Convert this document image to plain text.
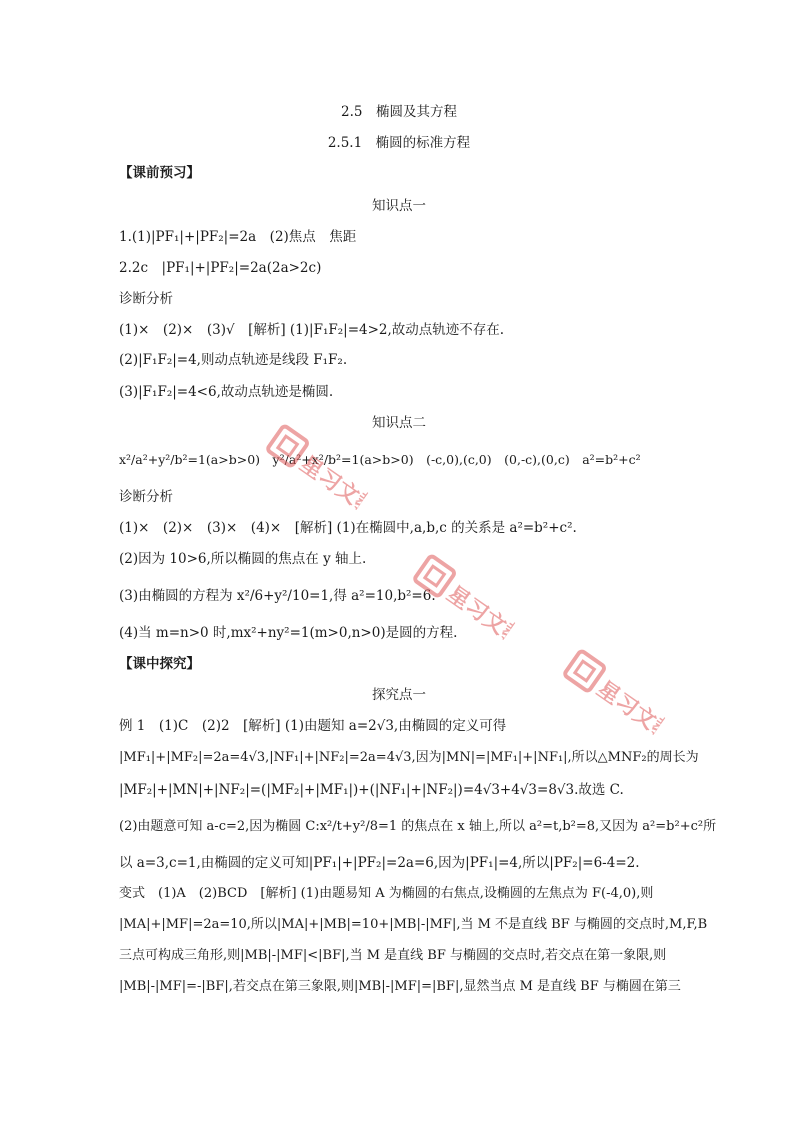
2.5　椭圆及其方程
2.5.1　椭圆的标准方程
【课前预习】
知识点一
1.(1)|PF₁|+|PF₂|=2a　(2)焦点　焦距
2.2c　|PF₁|+|PF₂|=2a(2a>2c)
诊断分析
(1)×　(2)×　(3)√　[解析] (1)|F₁F₂|=4>2,故动点轨迹不存在.
(2)|F₁F₂|=4,则动点轨迹是线段 F₁F₂.
(3)|F₁F₂|=4<6,故动点轨迹是椭圆.
知识点二
x²/a²+y²/b²=1(a>b>0)　y²/a²+x²/b²=1(a>b>0)　(-c,0),(c,0)　(0,-c),(0,c)　a²=b²+c²
诊断分析
(1)×　(2)×　(3)×　(4)×　[解析] (1)在椭圆中,a,b,c 的关系是 a²=b²+c².
(2)因为 10>6,所以椭圆的焦点在 y 轴上.
(3)由椭圆的方程为 x²/6+y²/10=1,得 a²=10,b²=6.
(4)当 m=n>0 时,mx²+ny²=1(m>0,n>0)是圆的方程.
【课中探究】
探究点一
例 1　(1)C　(2)2　[解析] (1)由题知 a=2√3,由椭圆的定义可得
|MF₁|+|MF₂|=2a=4√3,|NF₁|+|NF₂|=2a=4√3,因为|MN|=|MF₁|+|NF₁|,所以△MNF₂的周长为
|MF₂|+|MN|+|NF₂|=(|MF₂|+|MF₁|)+(|NF₁|+|NF₂|)=4√3+4√3=8√3.故选 C.
(2)由题意可知 a-c=2,因为椭圆 C:x²/t+y²/8=1 的焦点在 x 轴上,所以 a²=t,b²=8,又因为 a²=b²+c²所
以 a=3,c=1,由椭圆的定义可知|PF₁|+|PF₂|=2a=6,因为|PF₁|=4,所以|PF₂|=6-4=2.
变式　(1)A　(2)BCD　[解析] (1)由题易知 A 为椭圆的右焦点,设椭圆的左焦点为 F(-4,0),则
|MA|+|MF|=2a=10,所以|MA|+|MB|=10+|MB|-|MF|,当 M 不是直线 BF 与椭圆的交点时,M,F,B
三点可构成三角形,则|MB|-|MF|<|BF|,当 M 是直线 BF 与椭圆的交点时,若交点在第一象限,则
|MB|-|MF|=-|BF|,若交点在第三象限,则|MB|-|MF|=|BF|,显然当点 M 是直线 BF 与椭圆在第三
星习文教
星习文教
星习文教
